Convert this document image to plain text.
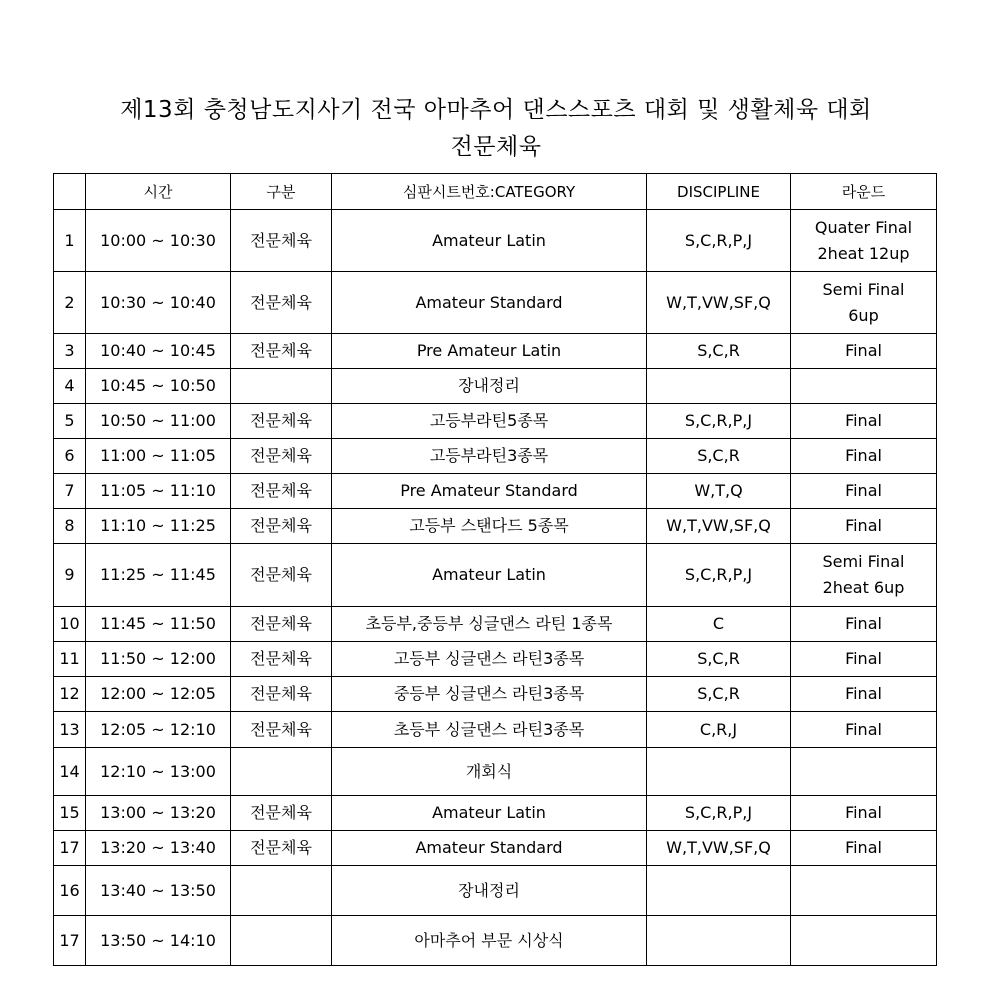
제13회 충청남도지사기 전국 아마추어 댄스스포츠 대회 및 생활체육 대회
전문체육
	시간	구분	심판시트번호:CATEGORY	DISCIPLINE	라운드
1	10:00 ~ 10:30	전문체육	Amateur Latin	S,C,R,P,J	Quater Final
2heat 12up

2	10:30 ~ 10:40	전문체육	Amateur Standard	W,T,VW,SF,Q	Semi Final
6up

3	10:40 ~ 10:45	전문체육	Pre Amateur Latin	S,C,R	Final

4	10:45 ~ 10:50		장내정리		

5	10:50 ~ 11:00	전문체육	고등부라틴5종목	S,C,R,P,J	Final

6	11:00 ~ 11:05	전문체육	고등부라틴3종목	S,C,R	Final

7	11:05 ~ 11:10	전문체육	Pre Amateur Standard	W,T,Q	Final

8	11:10 ~ 11:25	전문체육	고등부 스탠다드 5종목	W,T,VW,SF,Q	Final

9	11:25 ~ 11:45	전문체육	Amateur Latin	S,C,R,P,J	Semi Final
2heat 6up

10	11:45 ~ 11:50	전문체육	초등부,중등부 싱글댄스 라틴 1종목	C	Final

11	11:50 ~ 12:00	전문체육	고등부 싱글댄스 라틴3종목	S,C,R	Final

12	12:00 ~ 12:05	전문체육	중등부 싱글댄스 라틴3종목	S,C,R	Final

13	12:05 ~ 12:10	전문체육	초등부 싱글댄스 라틴3종목	C,R,J	Final

14	12:10 ~ 13:00		개회식		

15	13:00 ~ 13:20	전문체육	Amateur Latin	S,C,R,P,J	Final

17	13:20 ~ 13:40	전문체육	Amateur Standard	W,T,VW,SF,Q	Final

16	13:40 ~ 13:50		장내정리		

17	13:50 ~ 14:10		아마추어 부문 시상식		
